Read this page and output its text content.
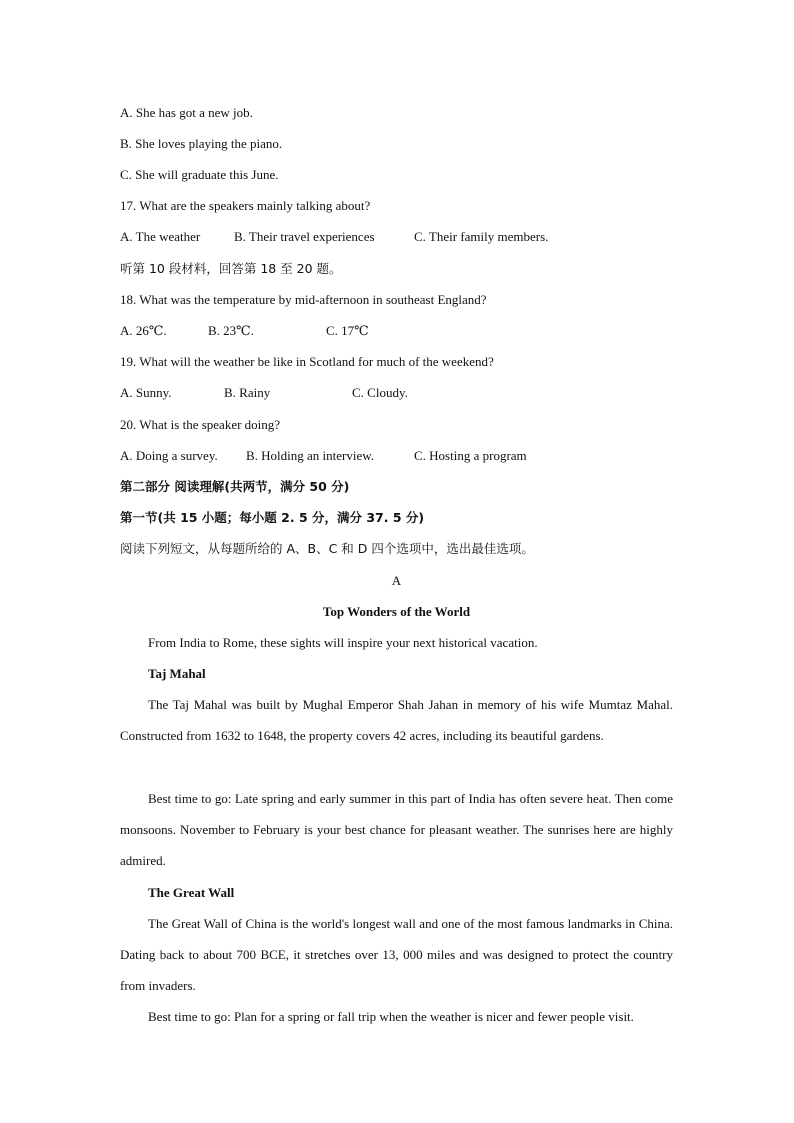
A. She has got a new job.
B. She loves playing the piano.
C. She will graduate this June.
17. What are the speakers mainly talking about?
A. The weather	B. Their travel experiences	C. Their family members.
听第 10 段材料，回答第 18 至 20 题。
18. What was the temperature by mid-afternoon in southeast England?
A. 26℃.	B. 23℃.	C. 17℃
19. What will the weather be like in Scotland for much of the weekend?
A. Sunny.	B. Rainy	C. Cloudy.
20. What is the speaker doing?
A. Doing a survey. B. Holding an interview.	C. Hosting a program
第二部分 阅读理解(共两节，满分 50 分)
第一节(共 15 小题；每小题 2. 5 分，满分 37. 5 分)
阅读下列短文，从每题所给的 A、B、C 和 D 四个选项中，选出最佳选项。
A
Top Wonders of the World
From India to Rome, these sights will inspire your next historical vacation.
Taj Mahal

The Taj Mahal was built by Mughal Emperor Shah Jahan in memory of his wife Mumtaz Mahal. Constructed from 1632 to 1648, the property covers 42 acres, including its beautiful gardens.

Best time to go: Late spring and early summer in this part of India has often severe heat. Then come monsoons. November to February is your best chance for pleasant weather. The sunrises here are highly admired.

The Great Wall

The Great Wall of China is the world's longest wall and one of the most famous landmarks in China. Dating back to about 700 BCE, it stretches over 13, 000 miles and was designed to protect the country from invaders.

Best time to go: Plan for a spring or fall trip when the weather is nicer and fewer people visit.
